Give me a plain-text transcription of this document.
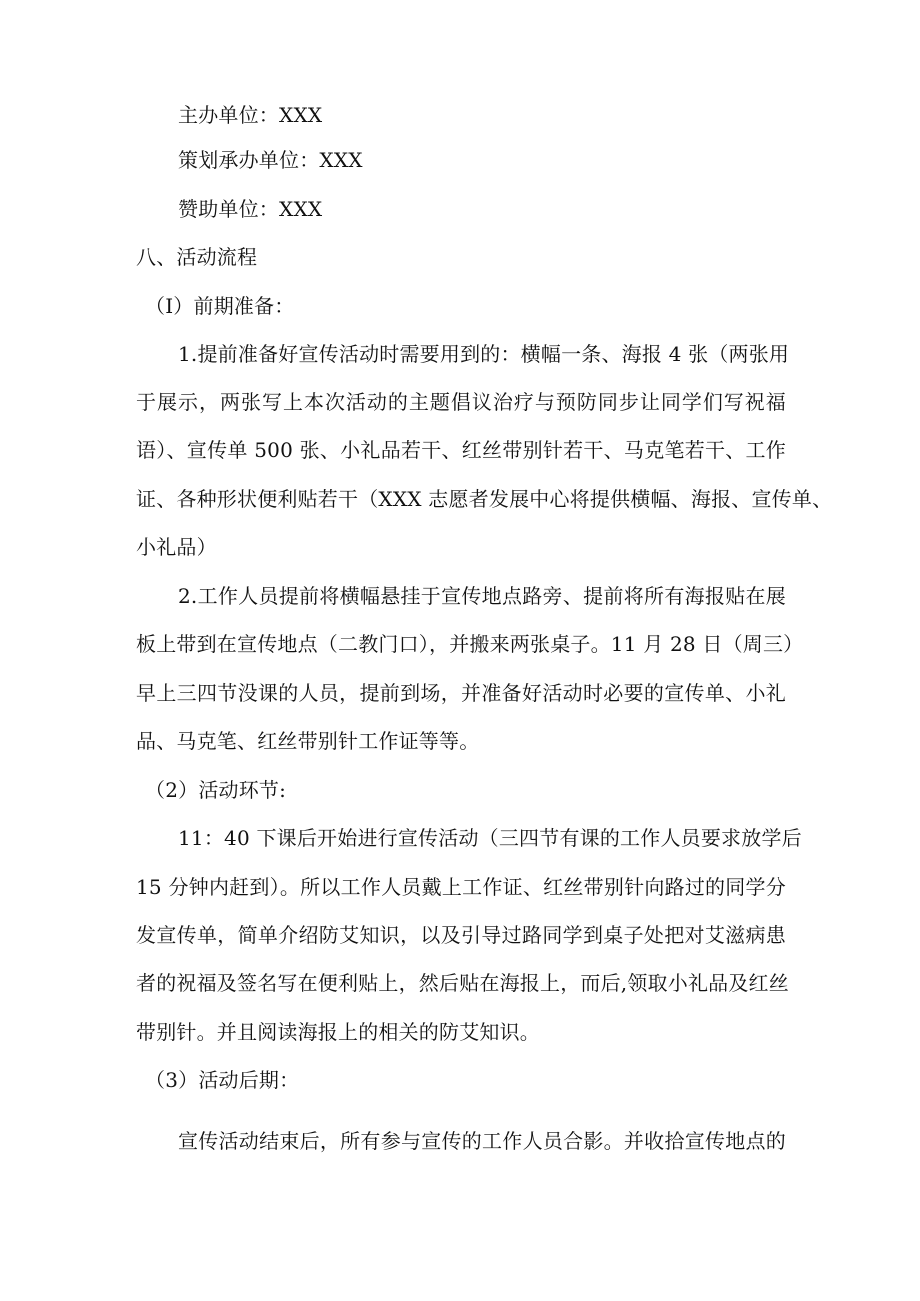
主办单位：XXX
策划承办单位：XXX
赞助单位：XXX
八、活动流程
（I）前期准备：
1.提前准备好宣传活动时需要用到的：横幅一条、海报 4 张（两张用
于展示，两张写上本次活动的主题倡议治疗与预防同步让同学们写祝福
语）、宣传单 500 张、小礼品若干、红丝带别针若干、马克笔若干、工作
证、各种形状便利贴若干（XXX 志愿者发展中心将提供横幅、海报、宣传单、
小礼品）
2.工作人员提前将横幅悬挂于宣传地点路旁、提前将所有海报贴在展
板上带到在宣传地点（二教门口），并搬来两张桌子。11 月 28 日（周三）
早上三四节没课的人员，提前到场，并准备好活动时必要的宣传单、小礼
品、马克笔、红丝带别针工作证等等。
（2）活动环节:
11：40 下课后开始进行宣传活动（三四节有课的工作人员要求放学后
15 分钟内赶到）。所以工作人员戴上工作证、红丝带别针向路过的同学分
发宣传单，简单介绍防艾知识，以及引导过路同学到桌子处把对艾滋病患
者的祝福及签名写在便利贴上，然后贴在海报上，而后,领取小礼品及红丝
带别针。并且阅读海报上的相关的防艾知识。
（3）活动后期：
宣传活动结束后，所有参与宣传的工作人员合影。并收拾宣传地点的
